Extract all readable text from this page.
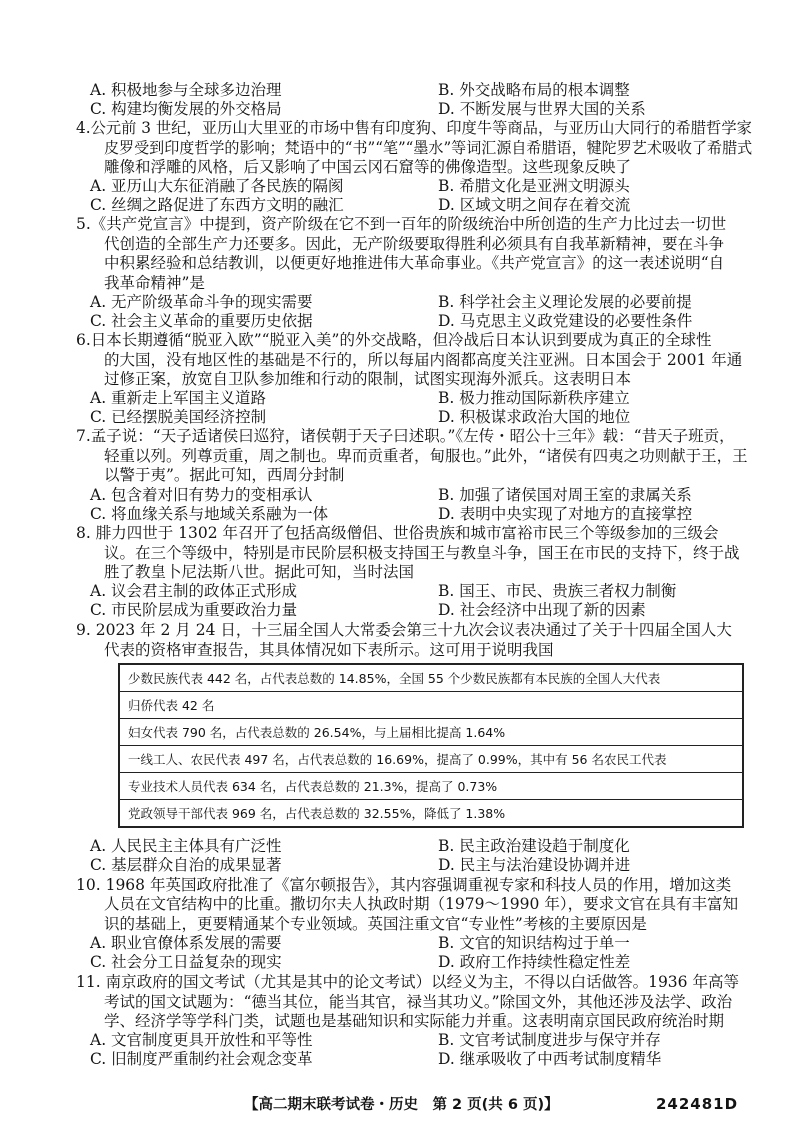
A. 积极地参与全球多边治理	B. 外交战略布局的根本调整
C. 构建均衡发展的外交格局	D. 不断发展与世界大国的关系
4.公元前 3 世纪，亚历山大里亚的市场中售有印度狗、印度牛等商品，与亚历山大同行的希腊哲学家
皮罗受到印度哲学的影响；梵语中的“书”“笔”“墨水”等词汇源自希腊语，犍陀罗艺术吸收了希腊式
雕像和浮雕的风格，后又影响了中国云冈石窟等的佛像造型。这些现象反映了
A. 亚历山大东征消融了各民族的隔阂	B. 希腊文化是亚洲文明源头
C. 丝绸之路促进了东西方文明的融汇	D. 区域文明之间存在着交流
5.《共产党宣言》中提到，资产阶级在它不到一百年的阶级统治中所创造的生产力比过去一切世
代创造的全部生产力还要多。因此，无产阶级要取得胜利必须具有自我革新精神，要在斗争
中积累经验和总结教训，以便更好地推进伟大革命事业。《共产党宣言》的这一表述说明“自
我革命精神”是
A. 无产阶级革命斗争的现实需要	B. 科学社会主义理论发展的必要前提
C. 社会主义革命的重要历史依据	D. 马克思主义政党建设的必要性条件
6.日本长期遵循“脱亚入欧”“脱亚入美”的外交战略，但冷战后日本认识到要成为真正的全球性
的大国，没有地区性的基础是不行的，所以每届内阁都高度关注亚洲。日本国会于 2001 年通
过修正案，放宽自卫队参加维和行动的限制，试图实现海外派兵。这表明日本
A. 重新走上军国主义道路	B. 极力推动国际新秩序建立
C. 已经摆脱美国经济控制	D. 积极谋求政治大国的地位
7.孟子说：“天子适诸侯曰巡狩，诸侯朝于天子曰述职。”《左传・昭公十三年》载：“昔天子班贡，
轻重以列。列尊贡重，周之制也。卑而贡重者，甸服也。”此外，“诸侯有四夷之功则献于王，王
以警于夷”。据此可知，西周分封制
A. 包含着对旧有势力的变相承认	B. 加强了诸侯国对周王室的隶属关系
C. 将血缘关系与地域关系融为一体	D. 表明中央实现了对地方的直接掌控
8. 腓力四世于 1302 年召开了包括高级僧侣、世俗贵族和城市富裕市民三个等级参加的三级会
议。在三个等级中，特别是市民阶层积极支持国王与教皇斗争，国王在市民的支持下，终于战
胜了教皇卜尼法斯八世。据此可知，当时法国
A. 议会君主制的政体正式形成	B. 国王、市民、贵族三者权力制衡
C. 市民阶层成为重要政治力量	D. 社会经济中出现了新的因素
9. 2023 年 2 月 24 日，十三届全国人大常委会第三十九次会议表决通过了关于十四届全国人大
代表的资格审查报告，其具体情况如下表所示。这可用于说明我国
少数民族代表 442 名，占代表总数的 14.85%，全国 55 个少数民族都有本民族的全国人大代表
归侨代表 42 名
妇女代表 790 名，占代表总数的 26.54%，与上届相比提高 1.64%
一线工人、农民代表 497 名，占代表总数的 16.69%，提高了 0.99%，其中有 56 名农民工代表
专业技术人员代表 634 名，占代表总数的 21.3%，提高了 0.73%
党政领导干部代表 969 名，占代表总数的 32.55%，降低了 1.38%
A. 人民民主主体具有广泛性	B. 民主政治建设趋于制度化
C. 基层群众自治的成果显著	D. 民主与法治建设协调并进
10. 1968 年英国政府批准了《富尔顿报告》，其内容强调重视专家和科技人员的作用，增加这类
人员在文官结构中的比重。撒切尔夫人执政时期（1979～1990 年），要求文官在具有丰富知
识的基础上，更要精通某个专业领域。英国注重文官“专业性”考核的主要原因是
A. 职业官僚体系发展的需要	B. 文官的知识结构过于单一
C. 社会分工日益复杂的现实	D. 政府工作持续性稳定性差
11. 南京政府的国文考试（尤其是其中的论文考试）以经义为主，不得以白话做答。1936 年高等
考试的国文试题为：“德当其位，能当其官，禄当其功义。”除国文外，其他还涉及法学、政治
学、经济学等学科门类，试题也是基础知识和实际能力并重。这表明南京国民政府统治时期
A. 文官制度更具开放性和平等性	B. 文官考试制度进步与保守并存
C. 旧制度严重制约社会观念变革	D. 继承吸收了中西考试制度精华
【高二期末联考试卷・历史　第 2 页(共 6 页)】	242481D
